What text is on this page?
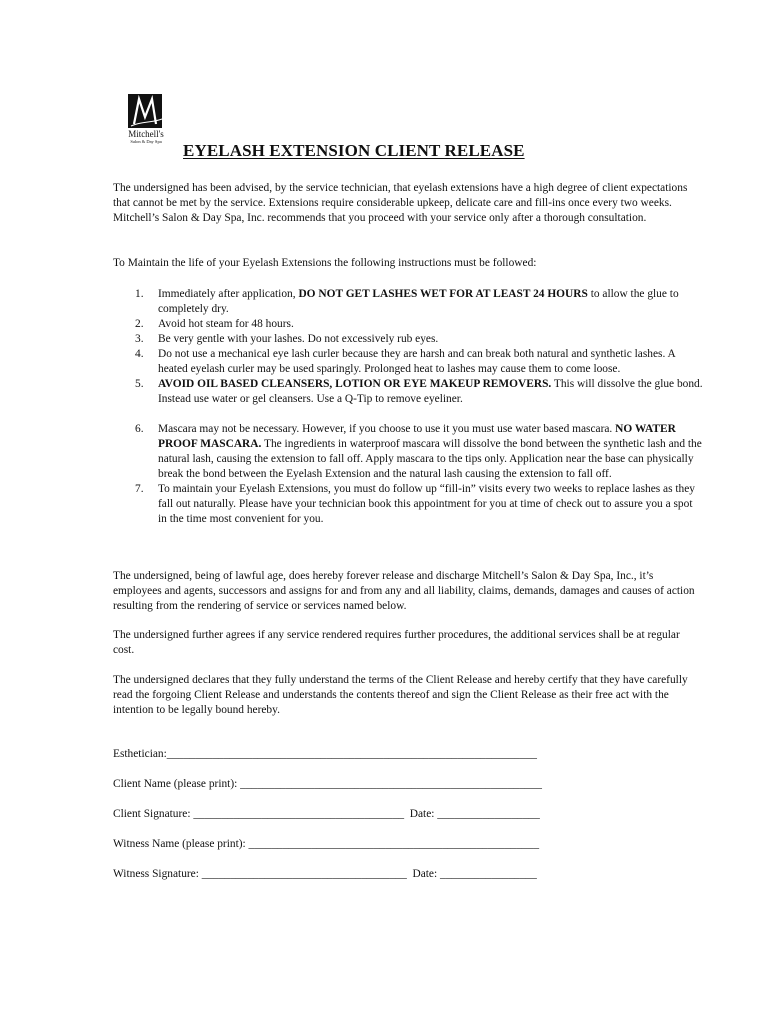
Mitchell's
Salon & Day Spa	EYELASH EXTENSION CLIENT RELEASE

The undersigned has been advised, by the service technician, that eyelash extensions have a high degree of client expectations that cannot be met by the service. Extensions require considerable upkeep, delicate care and fill-ins once every two weeks. Mitchell’s Salon & Day Spa, Inc. recommends that you proceed with your service only after a thorough consultation.

To Maintain the life of your Eyelash Extensions the following instructions must be followed:

1. Immediately after application, DO NOT GET LASHES WET FOR AT LEAST 24 HOURS to allow the glue to completely dry.
2. Avoid hot steam for 48 hours.
3. Be very gentle with your lashes. Do not excessively rub eyes.
4. Do not use a mechanical eye lash curler because they are harsh and can break both natural and synthetic lashes. A heated eyelash curler may be used sparingly. Prolonged heat to lashes may cause them to come loose.
5. AVOID OIL BASED CLEANSERS, LOTION OR EYE MAKEUP REMOVERS. This will dissolve the glue bond. Instead use water or gel cleansers. Use a Q-Tip to remove eyeliner.
6. Mascara may not be necessary. However, if you choose to use it you must use water based mascara. NO WATER PROOF MASCARA. The ingredients in waterproof mascara will dissolve the bond between the synthetic lash and the natural lash, causing the extension to fall off. Apply mascara to the tips only. Application near the base can physically break the bond between the Eyelash Extension and the natural lash causing the extension to fall off.
7. To maintain your Eyelash Extensions, you must do follow up “fill-in” visits every two weeks to replace lashes as they fall out naturally. Please have your technician book this appointment for you at time of check out to assure you a spot in the time most convenient for you.

The undersigned, being of lawful age, does hereby forever release and discharge Mitchell’s Salon & Day Spa, Inc., it’s employees and agents, successors and assigns for and from any and all liability, claims, demands, damages and causes of action resulting from the rendering of service or services named below.

The undersigned further agrees if any service rendered requires further procedures, the additional services shall be at regular cost.

The undersigned declares that they fully understand the terms of the Client Release and hereby certify that they have carefully read the forgoing Client Release and understands the contents thereof and sign the Client Release as their free act with the intention to be legally bound hereby.

Esthetician:_________________________________________________________________
Client Name (please print): _____________________________________________________
Client Signature: _____________________________________  Date: __________________
Witness Name (please print): ___________________________________________________
Witness Signature: ____________________________________  Date: _________________
